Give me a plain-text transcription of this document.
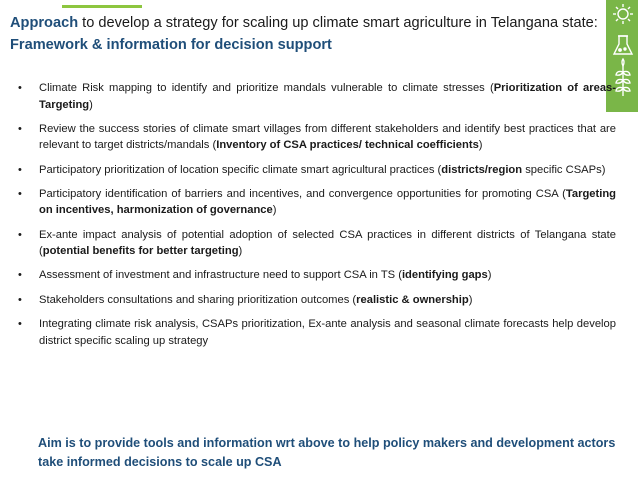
Approach to develop a strategy for scaling up climate smart agriculture in Telangana state: Framework & information for decision support
• Climate Risk mapping to identify and prioritize mandals vulnerable to climate stresses (Prioritization of areas- Targeting)
• Review the success stories of climate smart villages from different stakeholders and identify best practices that are relevant to target districts/mandals (Inventory of CSA practices/ technical coefficients)
• Participatory prioritization of location specific climate smart agricultural practices (districts/region specific CSAPs)
• Participatory identification of barriers and incentives, and convergence opportunities for promoting CSA (Targeting on incentives, harmonization of governance)
• Ex-ante impact analysis of potential adoption of selected CSA practices in different districts of Telangana state (potential benefits for better targeting)
• Assessment of investment and infrastructure need to support CSA in TS (identifying gaps)
• Stakeholders consultations and sharing prioritization outcomes (realistic & ownership)
• Integrating climate risk analysis, CSAPs prioritization, Ex-ante analysis and seasonal climate forecasts help develop district specific scaling up strategy
Aim is to provide tools and information wrt above to help policy makers and development actors take informed decisions to scale up CSA
